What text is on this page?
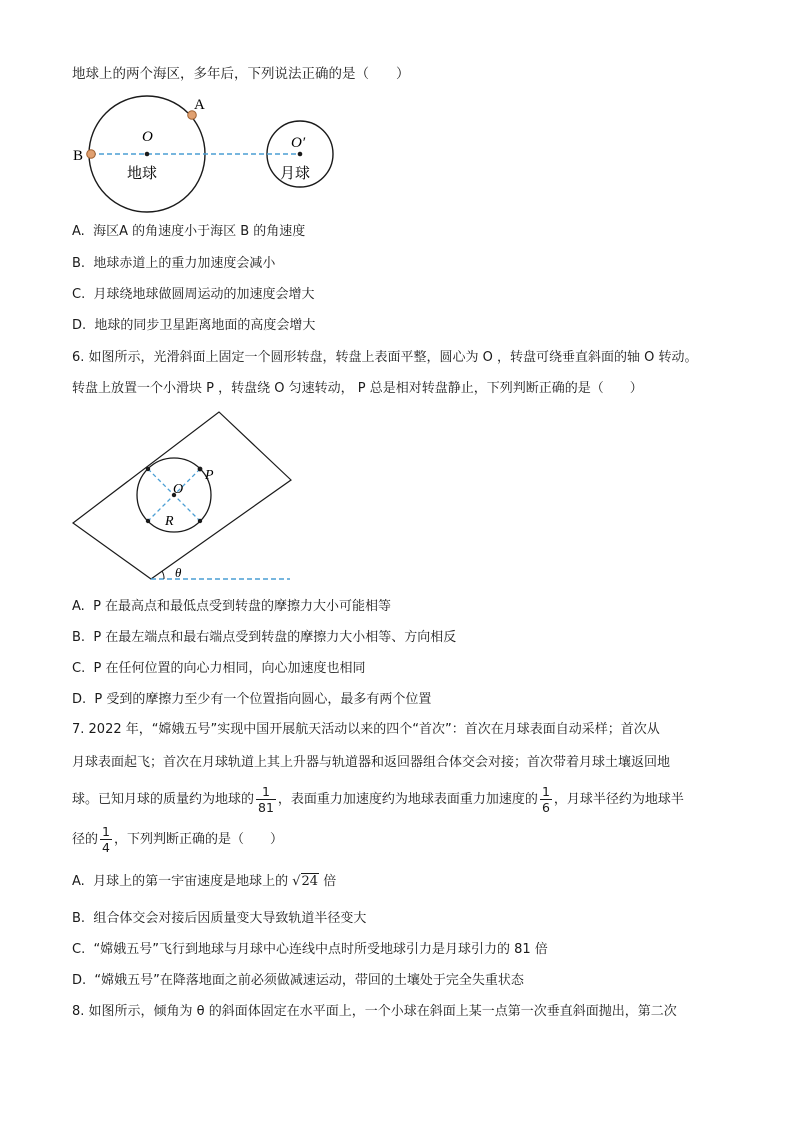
地球上的两个海区，多年后，下列说法正确的是（　　）
A
B
O	O′
地球	月球
A. 海区A 的角速度小于海区 B 的角速度
B. 地球赤道上的重力加速度会减小
C. 月球绕地球做圆周运动的加速度会增大
D. 地球的同步卫星距离地面的高度会增大
6. 如图所示，光滑斜面上固定一个圆形转盘，转盘上表面平整，圆心为 O ，转盘可绕垂直斜面的轴 O 转动。
转盘上放置一个小滑块 P ，转盘绕 O 匀速转动， P 总是相对转盘静止，下列判断正确的是（　　）
P
O
R
θ
A. P 在最高点和最低点受到转盘的摩擦力大小可能相等
B. P 在最左端点和最右端点受到转盘的摩擦力大小相等、方向相反
C. P 在任何位置的向心力相同，向心加速度也相同
D. P 受到的摩擦力至少有一个位置指向圆心，最多有两个位置
7. 2022 年，“嫦娥五号”实现中国开展航天活动以来的四个“首次”：首次在月球表面自动采样；首次从
月球表面起飞；首次在月球轨道上其上升器与轨道器和返回器组合体交会对接；首次带着月球土壤返回地
球。已知月球的质量约为地球的 $\frac{1}{81}$ ，表面重力加速度约为地球表面重力加速度的 $\frac{1}{6}$ ，月球半径约为地球半
径的 $\frac{1}{4}$ ，下列判断正确的是（　　）
A. 月球上的第一宇宙速度是地球上的 √24 倍
B. 组合体交会对接后因质量变大导致轨道半径变大
C. “嫦娥五号”飞行到地球与月球中心连线中点时所受地球引力是月球引力的 81 倍
D. “嫦娥五号”在降落地面之前必须做减速运动，带回的土壤处于完全失重状态
8. 如图所示，倾角为 θ 的斜面体固定在水平面上，一个小球在斜面上某一点第一次垂直斜面抛出，第二次
